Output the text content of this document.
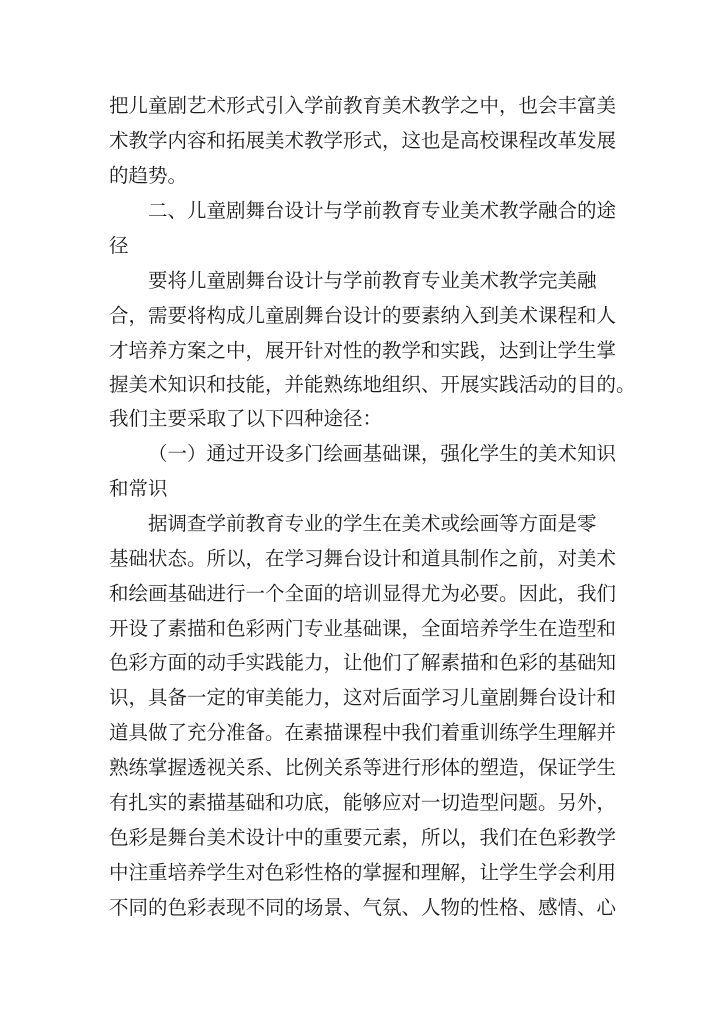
把儿童剧艺术形式引入学前教育美术教学之中，也会丰富美
术教学内容和拓展美术教学形式，这也是高校课程改革发展
的趋势。
二、儿童剧舞台设计与学前教育专业美术教学融合的途
径
要将儿童剧舞台设计与学前教育专业美术教学完美融
合，需要将构成儿童剧舞台设计的要素纳入到美术课程和人
才培养方案之中，展开针对性的教学和实践，达到让学生掌
握美术知识和技能，并能熟练地组织、开展实践活动的目的。
我们主要采取了以下四种途径：
（一）通过开设多门绘画基础课，强化学生的美术知识
和常识
据调查学前教育专业的学生在美术或绘画等方面是零
基础状态。所以，在学习舞台设计和道具制作之前，对美术
和绘画基础进行一个全面的培训显得尤为必要。因此，我们
开设了素描和色彩两门专业基础课，全面培养学生在造型和
色彩方面的动手实践能力，让他们了解素描和色彩的基础知
识，具备一定的审美能力，这对后面学习儿童剧舞台设计和
道具做了充分准备。在素描课程中我们着重训练学生理解并
熟练掌握透视关系、比例关系等进行形体的塑造，保证学生
有扎实的素描基础和功底，能够应对一切造型问题。另外，
色彩是舞台美术设计中的重要元素，所以，我们在色彩教学
中注重培养学生对色彩性格的掌握和理解，让学生学会利用
不同的色彩表现不同的场景、气氛、人物的性格、感情、心
